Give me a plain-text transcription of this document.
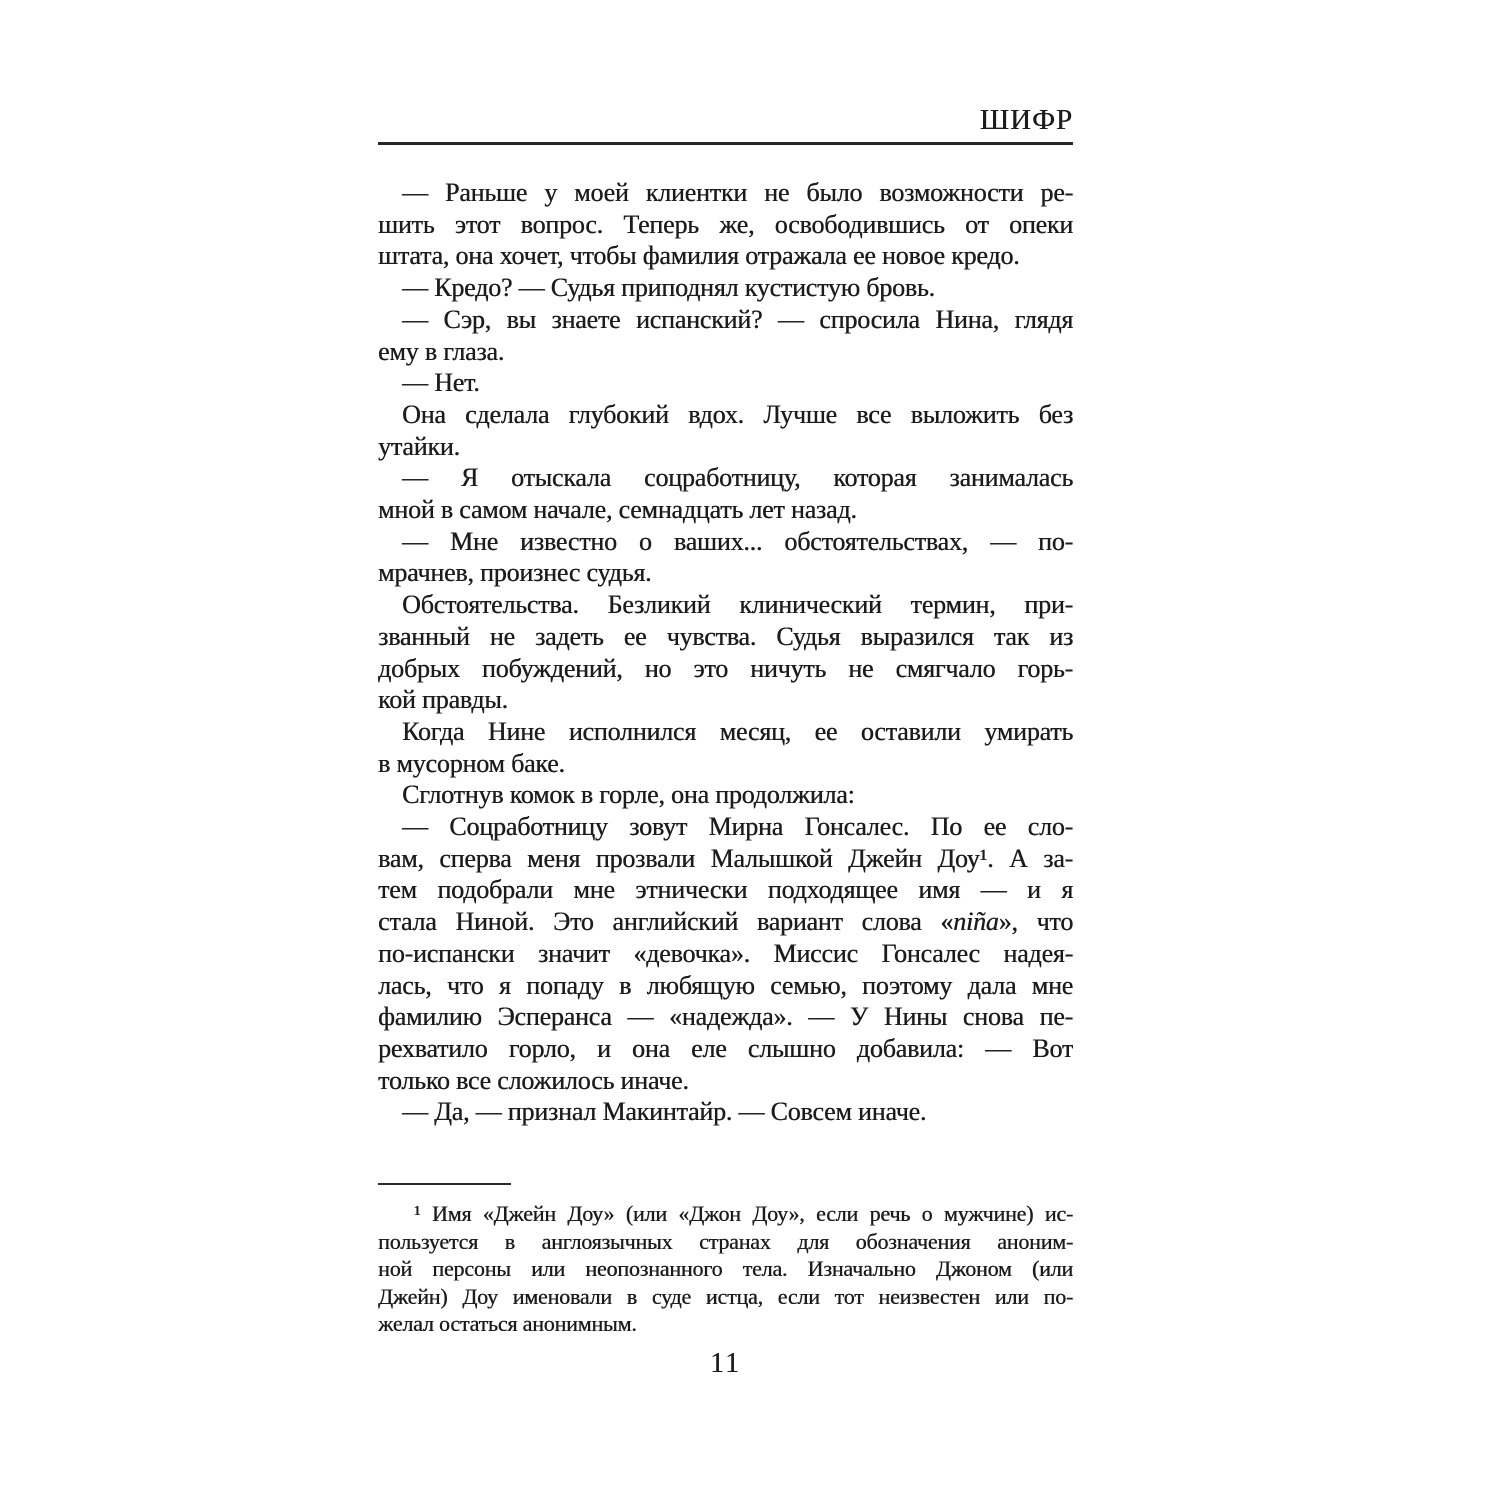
ШИФР
— Раньше у моей клиентки не было возможности ре-
шить этот вопрос. Теперь же, освободившись от опеки
штата, она хочет, чтобы фамилия отражала ее новое кредо.
— Кредо? — Судья приподнял кустистую бровь.
— Сэр, вы знаете испанский? — спросила Нина, глядя
ему в глаза.
— Нет.
Она сделала глубокий вдох. Лучше все выложить без
утайки.
— Я отыскала соцработницу, которая занималась
мной в самом начале, семнадцать лет назад.
— Мне известно о ваших... обстоятельствах, — по-
мрачнев, произнес судья.
Обстоятельства. Безликий клинический термин, при-
званный не задеть ее чувства. Судья выразился так из
добрых побуждений, но это ничуть не смягчало горь-
кой правды.
Когда Нине исполнился месяц, ее оставили умирать
в мусорном баке.
Сглотнув комок в горле, она продолжила:
— Соцработницу зовут Мирна Гонсалес. По ее сло-
вам, сперва меня прозвали Малышкой Джейн Доу¹. А за-
тем подобрали мне этнически подходящее имя — и я
стала Ниной. Это английский вариант слова «niña», что
по-испански значит «девочка». Миссис Гонсалес надея-
лась, что я попаду в любящую семью, поэтому дала мне
фамилию Эсперанса — «надежда». — У Нины снова пе-
рехватило горло, и она еле слышно добавила: — Вот
только все сложилось иначе.
— Да, — признал Макинтайр. — Совсем иначе.
¹ Имя «Джейн Доу» (или «Джон Доу», если речь о мужчине) ис-
пользуется в англоязычных странах для обозначения аноним-
ной персоны или неопознанного тела. Изначально Джоном (или
Джейн) Доу именовали в суде истца, если тот неизвестен или по-
желал остаться анонимным.
11
